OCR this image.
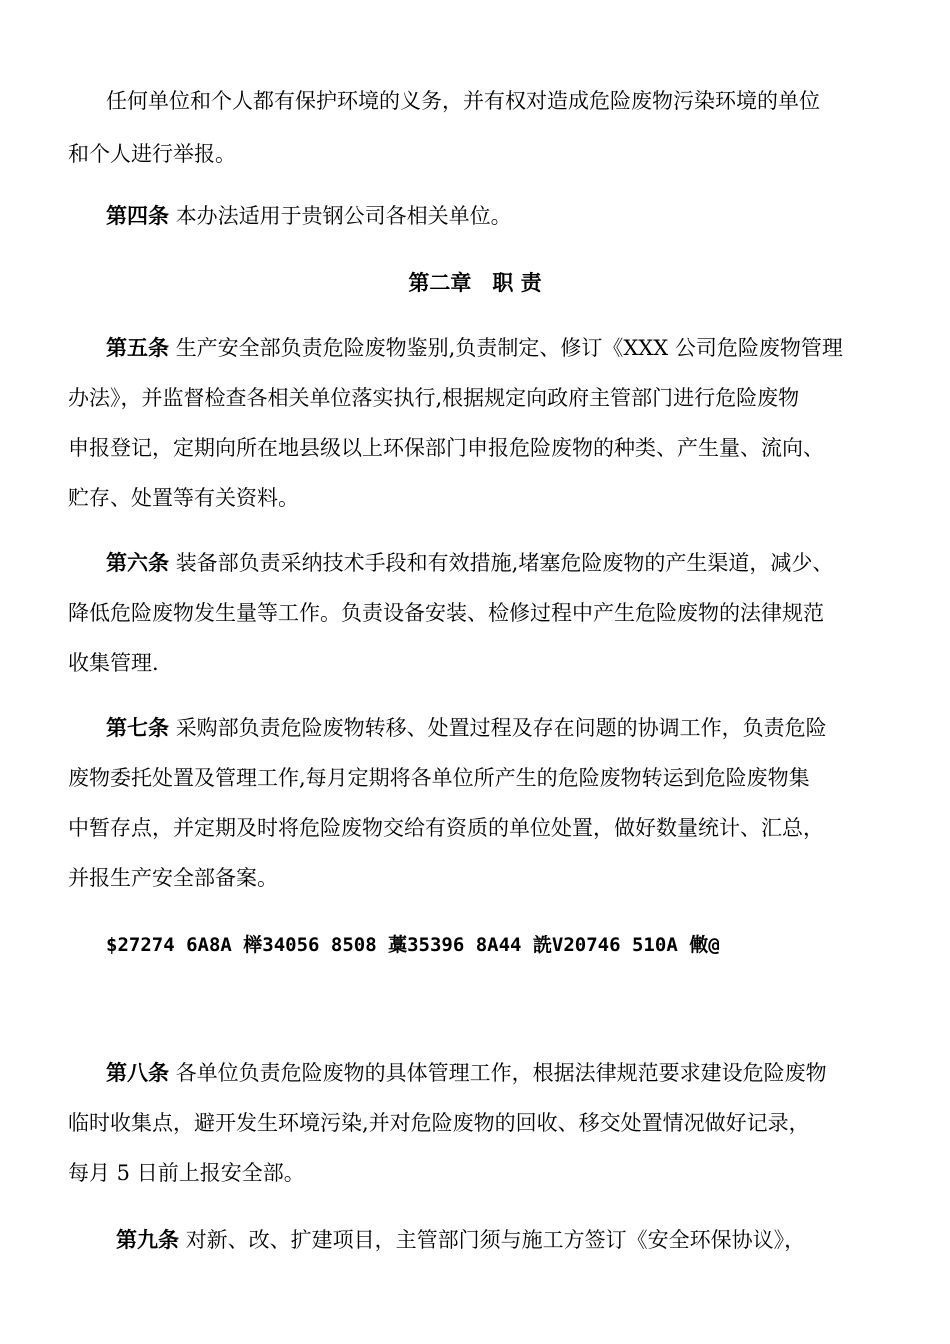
任何单位和个人都有保护环境的义务，并有权对造成危险废物污染环境的单位
和个人进行举报。
第四条 本办法适用于贵钢公司各相关单位。
第二章　职 责
第五条 生产安全部负责危险废物鉴别,负责制定、修订《XXX 公司危险废物管理
办法》，并监督检查各相关单位落实执行,根据规定向政府主管部门进行危险废物
申报登记，定期向所在地县级以上环保部门申报危险废物的种类、产生量、流向、
贮存、处置等有关资料。
第六条 装备部负责采纳技术手段和有效措施,堵塞危险废物的产生渠道，减少、
降低危险废物发生量等工作。负责设备安装、检修过程中产生危险废物的法律规范
收集管理.
第七条 采购部负责危险废物转移、处置过程及存在问题的协调工作，负责危险
废物委托处置及管理工作,每月定期将各单位所产生的危险废物转运到危险废物集
中暂存点，并定期及时将危险废物交给有资质的单位处置，做好数量统计、汇总，
并报生产安全部备案。
$27274 6A8A 榉34056 8508 藁35396 8A44 詵V20746 510A 僌@
第八条 各单位负责危险废物的具体管理工作，根据法律规范要求建设危险废物
临时收集点，避开发生环境污染,并对危险废物的回收、移交处置情况做好记录，
每月 5 日前上报安全部。
第九条 对新、改、扩建项目，主管部门须与施工方签订《安全环保协议》，
